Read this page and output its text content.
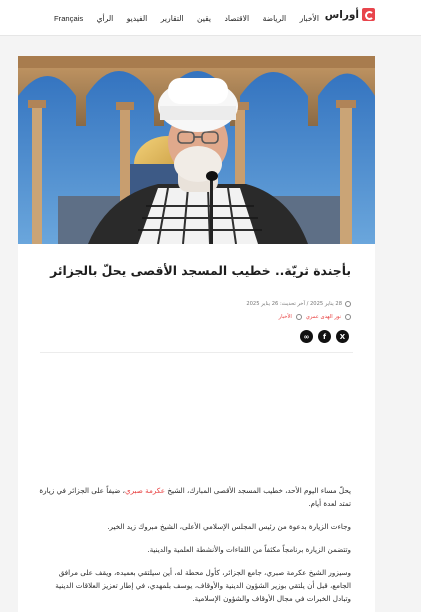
الأخبار
الرياضة
الاقتصاد
يقين
التقارير
الفيديو
الرأي
Français	أوراس
بأجندة ثريّة.. خطيب المسجد الأقصى يحلّ بالجزائر
28 يناير 2025 / آخر تحديث: 26 يناير 2025
نور الهدى عمري
الأخبار
X
f
∞

يحلّ مساء اليوم الأحد، خطيب المسجد الأقصى المبارك، الشيخ عكرمة صبري، ضيفاً على الجزائر في زيارة تمتد لعدة أيام.

وجاءت الزيارة بدعوة من رئيس المجلس الإسلامي الأعلى، الشيخ مبروك زيد الخير.

وتتضمن الزيارة برنامجاً مكثفاً من اللقاءات والأنشطة العلمية والدينية.

وسيزور الشيخ عكرمة صبري، جامع الجزائر، كأول محطة له، أين سيلتقي بعميده، ويقف على مرافق الجامع، قبل أن يلتقي بوزير الشؤون الدينية والأوقاف، يوسف بلمهدي، في إطار تعزيز العلاقات الدينية وتبادل الخبرات في مجال الأوقاف والشؤون الإسلامية.
